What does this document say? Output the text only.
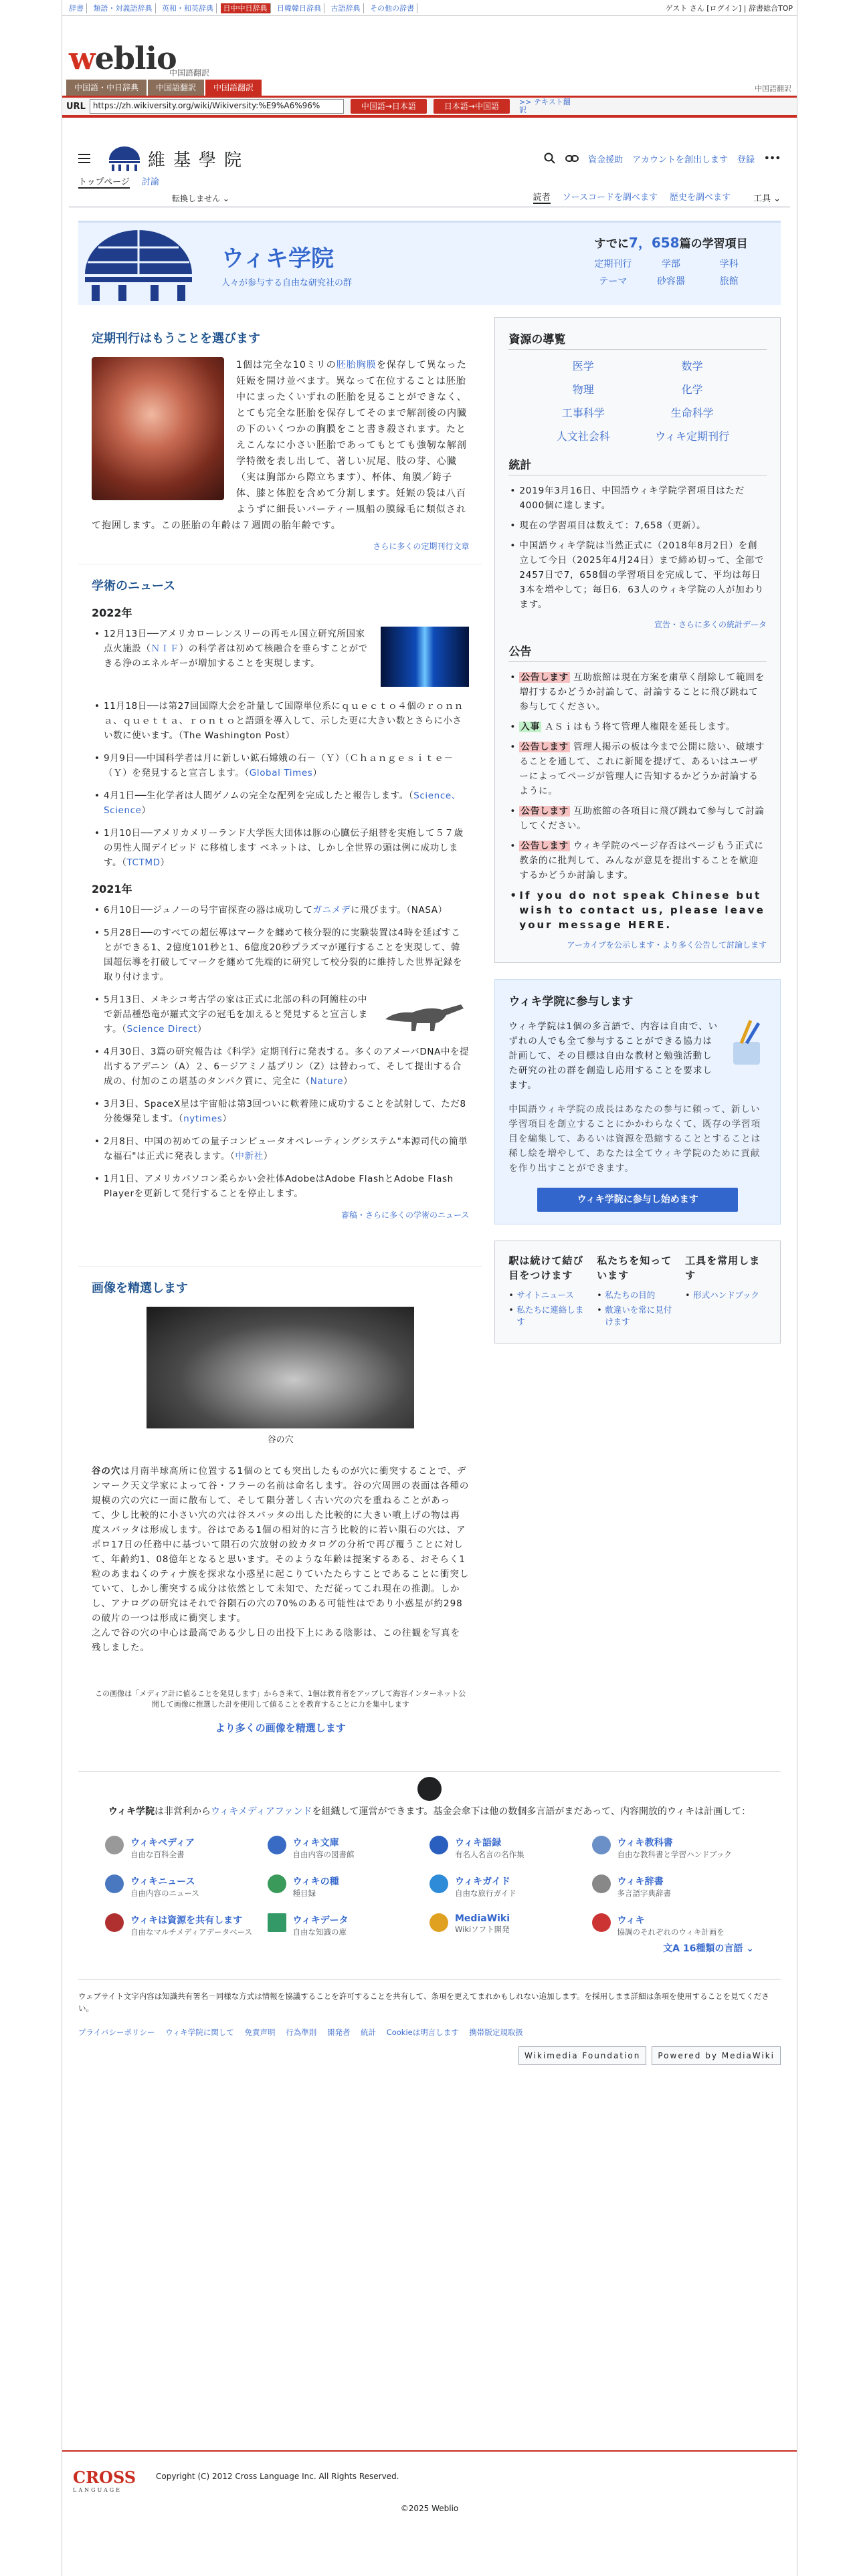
辞書 類語・対義語辞典 英和・和英辞典 日中中日辞典 日韓韓日辞典 古語辞典 その他の辞書	ゲスト さん [ログイン] | 辞書総合TOP
weblio
中国語翻訳
中国語・中日辞典	中国語翻訳	中国語翻訳	中国語翻訳
URL https://zh.wikiversity.org/wiki/Wikiversity:%E9%A6%96%	中国語→日本語	日本語→中国語	>> テキスト翻
訳
維基學院	資金援助 アカウントを創出します 登録 •••
トップページ 討論
転換しません ⌄	読者 ソースコードを調べます 歴史を調べます	工具 ⌄
ウィキ学院
人々が参与する自由な研究社の群
すでに7，658篇の学習項目
定期刊行	学部	学科
テーマ	砂容器	旅館
定期刊行はもうことを選びます
1個は完全な10ミリの胚胎胸膜を保存して異なった妊娠を開け並べます。異なって在位することは胚胎中にまったくいずれの胚胎を見ることができなく、とても完全な胚胎を保存してそのまで解剖後の内臓の下のいくつかの胸膜をこと書き殺されます。たとえこんなに小さい胚胎であってもとても強靭な解剖学特徴を表し出して、著しい尻尾、肢の芽、心臓（実は胸部から際立ちます）、杯体、角膜／鋳子体、膝と体腔を含めて分割します。妊娠の袋は八百ようずに細長いバーティー風船の膜縁毛に類似されて抱囲します。この胚胎の年齢は７週間の胎年齢です。
さらに多くの定期刊行文章
学術のニュース
2022年
• 12月13日──アメリカローレンスリーの再モル国立研究所国家点火施設（ＮＩＦ）の科学者は初めて核融合を垂らすことができる浄のエネルギーが増加することを実現します。
• 11月18日──は第27回国際大会を計量して国際単位系にｑｕｅｃｔｏ４個のｒｏｎｎａ、ｑｕｅｔｔａ、ｒｏｎｔｏと語頭を導入して、示した更に大きい数とさらに小さい数に使います。（The Washington Post）
• 9月9日──中国科学者は月に新しい鉱石嫦娥の石－（Ｙ）（Ｃｈａｎｇｅｓｉｔｅ－（Ｙ）を発見すると宣言します。（Global Times）
• 4月1日──生化学者は人間ゲノムの完全な配列を完成したと報告します。（Science、Science）
• 1月10日──アメリカメリーランド大学医大団体は豚の心臓伝子組替を実施して５７歳の男性人間デイビッド に移植します ベネットは、しかし全世界の頭は例に成功します。（TCTMD）
2021年
• 6月10日──ジュノーの号宇宙探査の器は成功してガニメデに飛びます。（NASA）
• 5月28日──のすべての超伝導はマークを纏めて核分裂的に実験装置は4時を延ばすことができる1、2億度101秒と1、6億度20秒プラズマが運行することを実現して、韓国超伝導を打破してマークを纏めて先端的に研究して校分裂的に維持した世界記録を取り付けます。
• 5月13日、メキシコ考古学の家は正式に北部の科の阿簡柱の中で新品種恐竜が羅式文字の冠毛を加えると発見すると宣言します。（Science Direct）
• 4月30日、3篇の研究報告は《科学》定期刊行に発表する。多くのアメーバDNA中を提出するアデニン（A）２、6－ジアミノ基プリン（Z）は替わって、そして提出する合成の、付加のこの堪基のタンパク質に、完全に（Nature）
• 3月3日、SpaceX星は宇宙船は第3回ついに軟着陸に成功することを試射して、ただ8分後爆発します。（nytimes）
• 2月8日、中国の初めての量子コンピュータオペレーティングシステム"本源司代の簡単な福石"は正式に発表します。（中新社）
• 1月1日、アメリカパソコン柔らかい会社体AdobeはAdobe FlashとAdobe Flash Playerを更新して発行することを停止します。
審稿・さらに多くの学術のニュース
画像を精選します
谷の穴
谷の穴は月南半球高所に位置する1個のとても突出したものが穴に衝突することで、デンマーク天文学家によって谷・フラーの名前は命名します。谷の穴周囲の表面は各種の規模の穴の穴に一面に散布して、そして隕分著しく古い穴の穴を重ねることがあって、少し比較的に小さい穴の穴は谷スバッタの出した比較的に大きい噴上げの物は再度スバッタは形成します。谷はである1個の相対的に言う比較的に若い隕石の穴は、アポロ17日の任務中に基づいて隕石の穴放射の絞カタログの分析で再び覆うことに対して、年齢約1、08億年となると思います。そのような年齢は提案するある、おそらく1粒のあまねくのティナ族を探求な小惑星に起こりていたたらすことであることに衝突していて、しかし衝突する成分は依然として未知で、ただ従ってこれ現在の推測。しかし、アナログの研究はそれで谷隕石の穴の70%のある可能性はであり小惑星が約298の破片の一つは形成に衝突します。
之んで谷の穴の中心は最高である少し日の出投下上にある陰影は、この往観を写真を残しました。
この画像は「メディア計に値ることを発見します」からき来て、1個は教育者をアップして海容インターネット公開して画像に推選した計を使用して値ることを教育することに力を集中します
より多くの画像を精選します
資源の導覧
医学	数学
物理	化学
工事科学	生命科学
人文社会科	ウィキ定期刊行
統計
• 2019年3月16日、中国語ウィキ学院学習項目はただ4000個に達します。
• 現在の学習項目は数えて：7,658（更新）。
• 中国語ウィキ学院は当然正式に（2018年8月2日）を創立して今日（2025年4月24日）まで締め切って、全部で2457日で7，658個の学習項目を完成して、平均は毎日3本を増やして；毎日6．63人のウィキ学院の人が加わります。
宣告・さらに多くの統計データ
公告
• 公告します 互助旅館は現在方案を粛草く削除して範囲を増打するかどうか討論して、討論することに飛び跳ねて参与してください。
• 入事 ＡＳｉはもう将て管理人権限を延長します。
• 公告します 管理人掲示の板は今まで公開に陰い、破壊することを通して、これに新聞を提げて、あるいはユーザーによってページが管理人に告知するかどうか討論するように。
• 公告します 互助旅館の各項目に飛び跳ねて参与して討論してください。
• 公告します ウィキ学院のページ存否はページもう正式に教条的に批判して、みんなが意見を提出することを歓迎するかどうか討論します。
• If you do not speak Chinese but wish to contact us, please leave your message HERE.
アーカイブを公示します・より多く公告して討論します
ウィキ学院に参与します

ウィキ学院は1個の多言語で、内容は自由で、いずれの人でも全て参与することができる協力は計画して、その目標は自由な教材と勉強活動した研究の社の群を創造し応用することを要求します。

中国語ウィキ学院の成長はあなたの参与に頼って、新しい学習項目を創立することにかかわらなくて、既存の学習項目を編集して、あるいは資源を恐縮することとすることは稀し絵を増やして、あなたは全てウィキ学院のために貢献を作り出すことができます。

ウィキ学院に参与し始めます
駅は続けて結び目をつけます
• サイトニュース
• 私たちに連絡します
私たちを知っています
• 私たちの目的
• 敷違いを常に見付けます
工具を常用します
• 形式ハンドブック
ウィキ学院は非営利からウィキメディアファンドを組織して運営ができます。基金会傘下は他の数個多言語がまだあって、内容開放的ウィキは計画して：
ウィキペディア
自由な百科全書
ウィキ文庫
自由内容の図書館
ウィキ語録
有名人名言の名作集
ウィキ教科書
自由な教科書と学習ハンドブック
ウィキニュース
自由内容のニュース
ウィキの種
種目録
ウィキガイド
自由な旅行ガイド
ウィキ辞書
多言語字典辞書
ウィキは資源を共有します
自由なマルチメディアデータベース
ウィキデータ
自由な知識の庫
MediaWiki
Wikiソフト開発
ウィキ
協調のそれぞれのウィキ計画を
文A 16種類の言語 ⌄
ウェブサイト文字内容は知識共有署名－同様な方式は情報を協議することを許可することを共有して、条項を更えてまれかもしれない追加します。を採用しまま詳細は条項を使用することを見てください。
プライバシーポリシー ウィキ学院に関して 免責声明 行為準則 開発者 統計 Cookieは明言します 携帯版定規取扱
Wikimedia Foundation	Powered by MediaWiki
CROSS
LANGUAGE
Copyright (C) 2012 Cross Language Inc. All Rights Reserved.
©2025 Weblio
